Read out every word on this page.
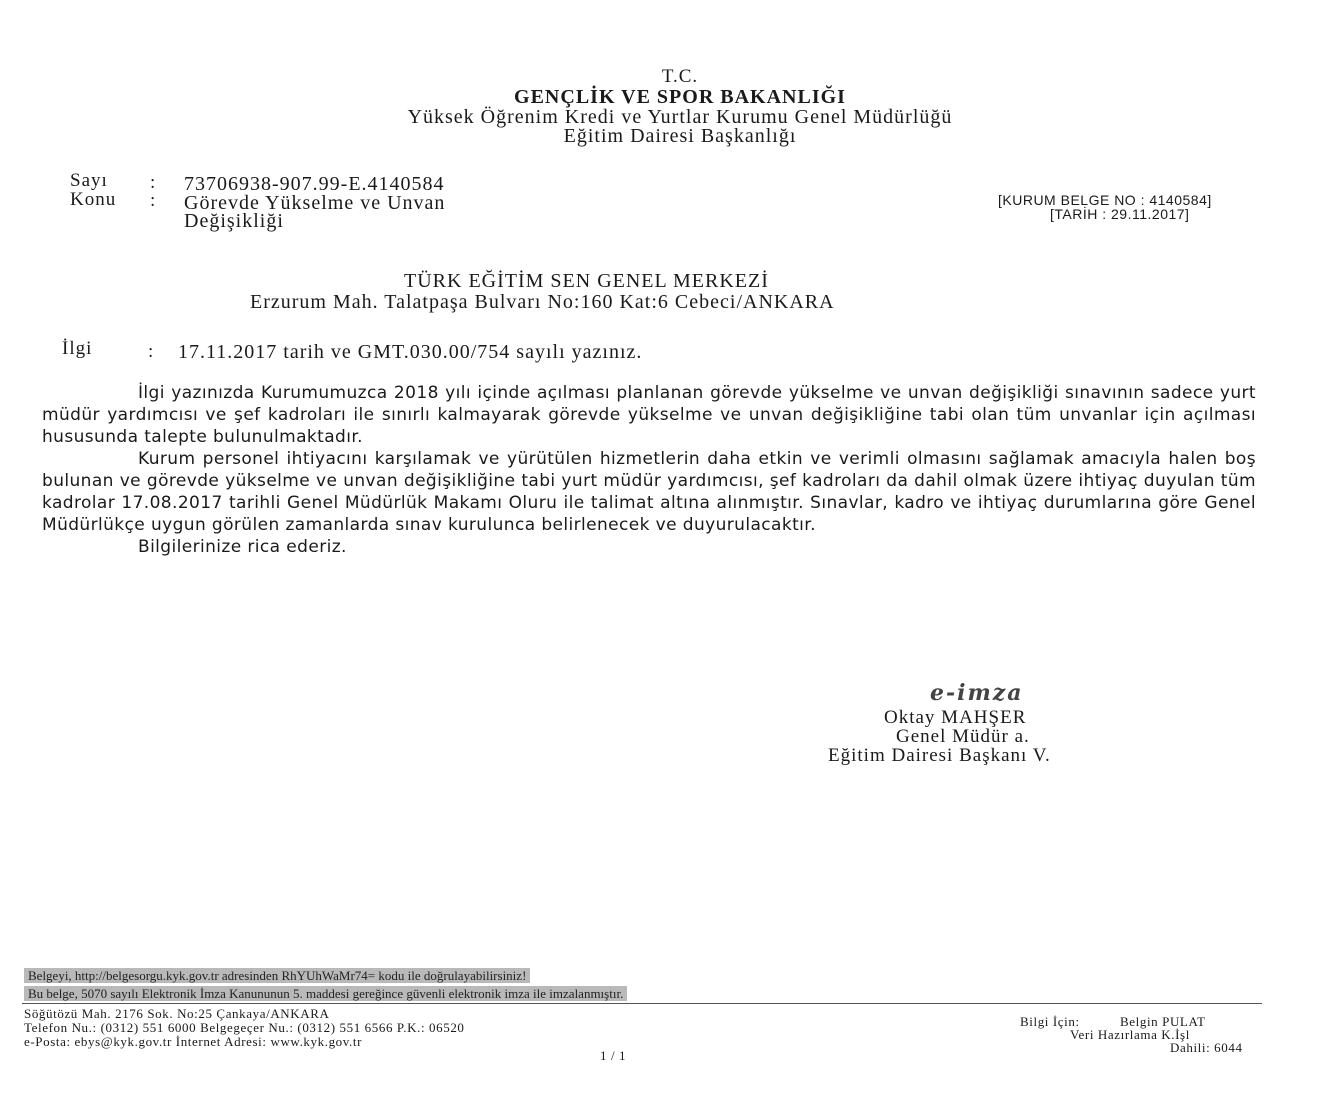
T.C.
GENÇLİK VE SPOR BAKANLIĞI
Yüksek Öğrenim Kredi ve Yurtlar Kurumu Genel Müdürlüğü
Eğitim Dairesi Başkanlığı
Sayı : 73706938-907.99-E.4140584
Konu : Görevde Yükselme ve Unvan
Değişikliği
[KURUM BELGE NO : 4140584]
[TARİH : 29.11.2017]
TÜRK EĞİTİM SEN GENEL MERKEZİ
Erzurum Mah. Talatpaşa Bulvarı No:160 Kat:6 Cebeci/ANKARA
İlgi	: 17.11.2017 tarih ve GMT.030.00/754 sayılı yazınız.

İlgi yazınızda Kurumumuzca 2018 yılı içinde açılması planlanan görevde yükselme ve unvan değişikliği sınavının sadece yurt müdür yardımcısı ve şef kadroları ile sınırlı kalmayarak görevde yükselme ve unvan değişikliğine tabi olan tüm unvanlar için açılması hususunda talepte bulunulmaktadır.

Kurum personel ihtiyacını karşılamak ve yürütülen hizmetlerin daha etkin ve verimli olmasını sağlamak amacıyla halen boş bulunan ve görevde yükselme ve unvan değişikliğine tabi yurt müdür yardımcısı, şef kadroları da dahil olmak üzere ihtiyaç duyulan tüm kadrolar 17.08.2017 tarihli Genel Müdürlük Makamı Oluru ile talimat altına alınmıştır. Sınavlar, kadro ve ihtiyaç durumlarına göre Genel Müdürlükçe uygun görülen zamanlarda sınav kurulunca belirlenecek ve duyurulacaktır.

Bilgilerinize rica ederiz.

e-imza
Oktay MAHŞER
Genel Müdür a.
Eğitim Dairesi Başkanı V.
Belgeyi, http://belgesorgu.kyk.gov.tr adresinden RhYUhWaMr74= kodu ile doğrulayabilirsiniz!
Bu belge, 5070 sayılı Elektronik İmza Kanununun 5. maddesi gereğince güvenli elektronik imza ile imzalanmıştır.
Söğütözü Mah. 2176 Sok. No:25 Çankaya/ANKARA
Telefon Nu.: (0312) 551 6000 Belgegeçer Nu.: (0312) 551 6566 P.K.: 06520
e-Posta: ebys@kyk.gov.tr İnternet Adresi: www.kyk.gov.tr
Bilgi İçin:	Belgin PULAT
Veri Hazırlama K.İşl
Dahili: 6044
1 / 1
